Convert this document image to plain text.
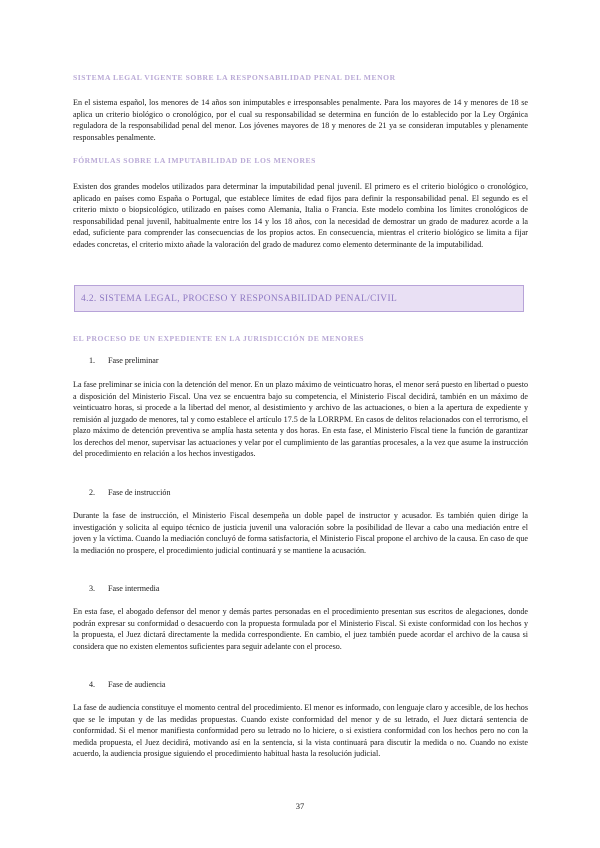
SISTEMA LEGAL VIGENTE SOBRE LA RESPONSABILIDAD PENAL DEL MENOR

En el sistema español, los menores de 14 años son inimputables e irresponsables penalmente. Para los mayores de 14 y menores de 18 se aplica un criterio biológico o cronológico, por el cual su responsabilidad se determina en función de lo establecido por la Ley Orgánica reguladora de la responsabilidad penal del menor. Los jóvenes mayores de 18 y menores de 21 ya se consideran imputables y plenamente responsables penalmente.

FÓRMULAS SOBRE LA IMPUTABILIDAD DE LOS MENORES

Existen dos grandes modelos utilizados para determinar la imputabilidad penal juvenil. El primero es el criterio biológico o cronológico, aplicado en países como España o Portugal, que establece límites de edad fijos para definir la responsabilidad penal. El segundo es el criterio mixto o biopsicológico, utilizado en países como Alemania, Italia o Francia. Este modelo combina los límites cronológicos de responsabilidad penal juvenil, habitualmente entre los 14 y los 18 años, con la necesidad de demostrar un grado de madurez acorde a la edad, suficiente para comprender las consecuencias de los propios actos. En consecuencia, mientras el criterio biológico se limita a fijar edades concretas, el criterio mixto añade la valoración del grado de madurez como elemento determinante de la imputabilidad.

4.2. SISTEMA LEGAL, PROCESO Y RESPONSABILIDAD PENAL/CIVIL
EL PROCESO DE UN EXPEDIENTE EN LA JURISDICCIÓN DE MENORES
1. Fase preliminar

La fase preliminar se inicia con la detención del menor. En un plazo máximo de veinticuatro horas, el menor será puesto en libertad o puesto a disposición del Ministerio Fiscal. Una vez se encuentra bajo su competencia, el Ministerio Fiscal decidirá, también en un máximo de veinticuatro horas, si procede a la libertad del menor, al desistimiento y archivo de las actuaciones, o bien a la apertura de expediente y remisión al juzgado de menores, tal y como establece el artículo 17.5 de la LORRPM. En casos de delitos relacionados con el terrorismo, el plazo máximo de detención preventiva se amplía hasta setenta y dos horas. En esta fase, el Ministerio Fiscal tiene la función de garantizar los derechos del menor, supervisar las actuaciones y velar por el cumplimiento de las garantías procesales, a la vez que asume la instrucción del procedimiento en relación a los hechos investigados.

2. Fase de instrucción

Durante la fase de instrucción, el Ministerio Fiscal desempeña un doble papel de instructor y acusador. Es también quien dirige la investigación y solicita al equipo técnico de justicia juvenil una valoración sobre la posibilidad de llevar a cabo una mediación entre el joven y la víctima. Cuando la mediación concluyó de forma satisfactoria, el Ministerio Fiscal propone el archivo de la causa. En caso de que la mediación no prospere, el procedimiento judicial continuará y se mantiene la acusación.

3. Fase intermedia

En esta fase, el abogado defensor del menor y demás partes personadas en el procedimiento presentan sus escritos de alegaciones, donde podrán expresar su conformidad o desacuerdo con la propuesta formulada por el Ministerio Fiscal. Si existe conformidad con los hechos y la propuesta, el Juez dictará directamente la medida correspondiente. En cambio, el juez también puede acordar el archivo de la causa si considera que no existen elementos suficientes para seguir adelante con el proceso.

4. Fase de audiencia

La fase de audiencia constituye el momento central del procedimiento. El menor es informado, con lenguaje claro y accesible, de los hechos que se le imputan y de las medidas propuestas. Cuando existe conformidad del menor y de su letrado, el Juez dictará sentencia de conformidad. Si el menor manifiesta conformidad pero su letrado no lo hiciere, o si existiera conformidad con los hechos pero no con la medida propuesta, el Juez decidirá, motivando así en la sentencia, si la vista continuará para discutir la medida o no. Cuando no existe acuerdo, la audiencia prosigue siguiendo el procedimiento habitual hasta la resolución judicial.

37
